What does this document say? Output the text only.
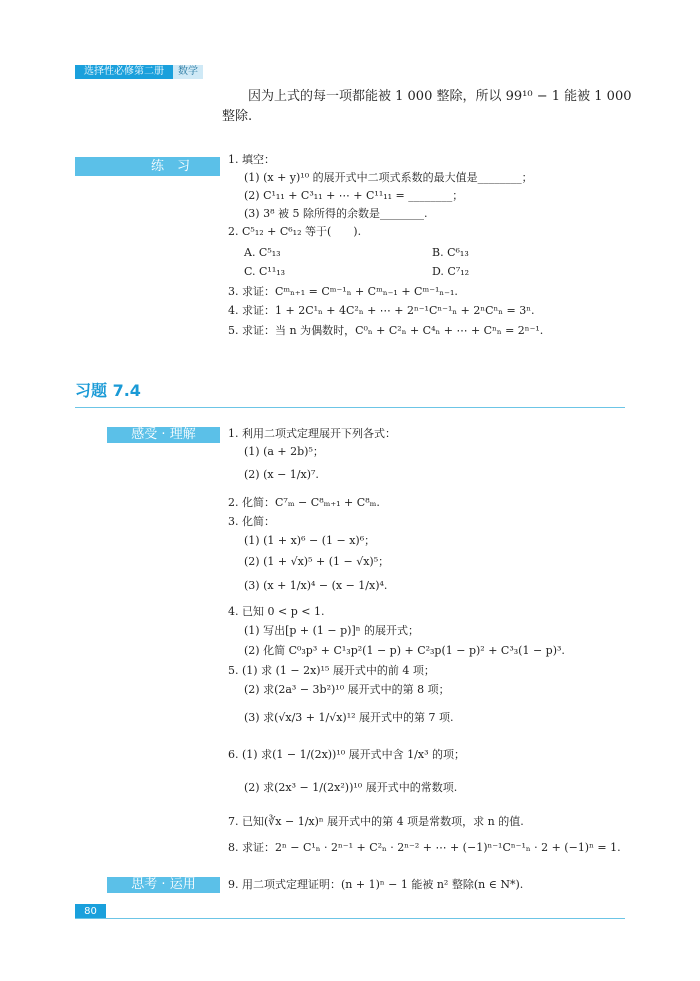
选择性必修第二册	数学
因为上式的每一项都能被 1 000 整除，所以 99¹⁰ − 1 能被 1 000
整除.
练　习	1. 填空：
(1) (x + y)¹⁰ 的展开式中二项式系数的最大值是________；
(2) C¹₁₁ + C³₁₁ + ⋯ + C¹¹₁₁ = ________；
(3) 3⁸ 被 5 除所得的余数是________.
2. C⁵₁₂ + C⁶₁₂ 等于(　　).
A. C⁵₁₃	B. C⁶₁₃
C. C¹¹₁₃	D. C⁷₁₂
3. 求证：Cᵐₙ₊₁ = Cᵐ⁻¹ₙ + Cᵐₙ₋₁ + Cᵐ⁻¹ₙ₋₁.
4. 求证：1 + 2C¹ₙ + 4C²ₙ + ⋯ + 2ⁿ⁻¹Cⁿ⁻¹ₙ + 2ⁿCⁿₙ = 3ⁿ.
5. 求证：当 n 为偶数时，C⁰ₙ + C²ₙ + C⁴ₙ + ⋯ + Cⁿₙ = 2ⁿ⁻¹.
习题 7.4
感受 · 理解	1. 利用二项式定理展开下列各式：
(1) (a + 2b)⁵；
(2) (x − 1/x)⁷.
2. 化简：C⁷ₘ − C⁸ₘ₊₁ + C⁸ₘ.
3. 化简：
(1) (1 + x)⁶ − (1 − x)⁶；
(2) (1 + √x)⁵ + (1 − √x)⁵；
(3) (x + 1/x)⁴ − (x − 1/x)⁴.
4. 已知 0 < p < 1.
(1) 写出[p + (1 − p)]ⁿ 的展开式；
(2) 化简 C⁰₃p³ + C¹₃p²(1 − p) + C²₃p(1 − p)² + C³₃(1 − p)³.
5. (1) 求 (1 − 2x)¹⁵ 展开式中的前 4 项；
(2) 求(2a³ − 3b²)¹⁰ 展开式中的第 8 项；
(3) 求(√x/3 + 1/√x)¹² 展开式中的第 7 项.
6. (1) 求(1 − 1/(2x))¹⁰ 展开式中含 1/x³ 的项；
(2) 求(2x³ − 1/(2x²))¹⁰ 展开式中的常数项.
7. 已知(∛x − 1/x)ⁿ 展开式中的第 4 项是常数项，求 n 的值.
8. 求证：2ⁿ − C¹ₙ · 2ⁿ⁻¹ + C²ₙ · 2ⁿ⁻² + ⋯ + (−1)ⁿ⁻¹Cⁿ⁻¹ₙ · 2 + (−1)ⁿ = 1.
思考 · 运用	9. 用二项式定理证明：(n + 1)ⁿ − 1 能被 n² 整除(n ∈ N*).
80
